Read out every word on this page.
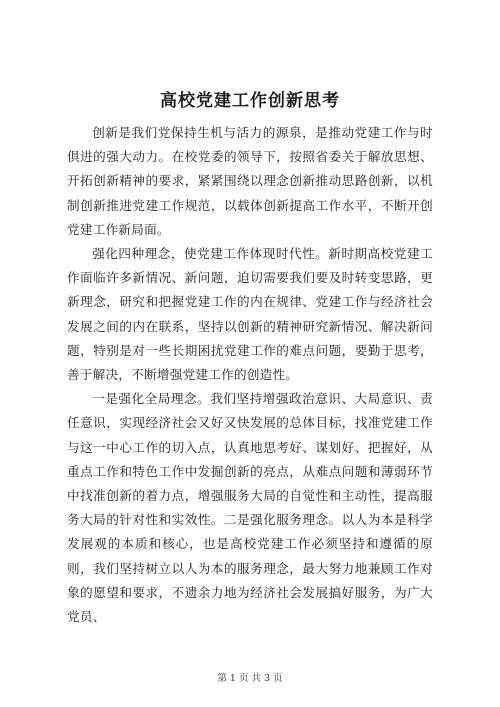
高校党建工作创新思考

创新是我们党保持生机与活力的源泉，是推动党建工作与时俱进的强大动力。在校党委的领导下，按照省委关于解放思想、开拓创新精神的要求，紧紧围绕以理念创新推动思路创新，以机制创新推进党建工作规范，以载体创新提高工作水平，不断开创党建工作新局面。

强化四种理念，使党建工作体现时代性。新时期高校党建工作面临许多新情况、新问题，迫切需要我们要及时转变思路，更新理念，研究和把握党建工作的内在规律、党建工作与经济社会发展之间的内在联系，坚持以创新的精神研究新情况、解决新问题，特别是对一些长期困扰党建工作的难点问题，要勤于思考，善于解决，不断增强党建工作的创造性。

一是强化全局理念。我们坚持增强政治意识、大局意识、责任意识，实现经济社会又好又快发展的总体目标，找准党建工作与这一中心工作的切入点，认真地思考好、谋划好、把握好，从重点工作和特色工作中发掘创新的亮点，从难点问题和薄弱环节中找准创新的着力点，增强服务大局的自觉性和主动性，提高服务大局的针对性和实效性。二是强化服务理念。以人为本是科学发展观的本质和核心，也是高校党建工作必须坚持和遵循的原则，我们坚持树立以人为本的服务理念，最大努力地兼顾工作对象的愿望和要求，不遗余力地为经济社会发展搞好服务，为广大党员、

第 1 页 共 3 页
